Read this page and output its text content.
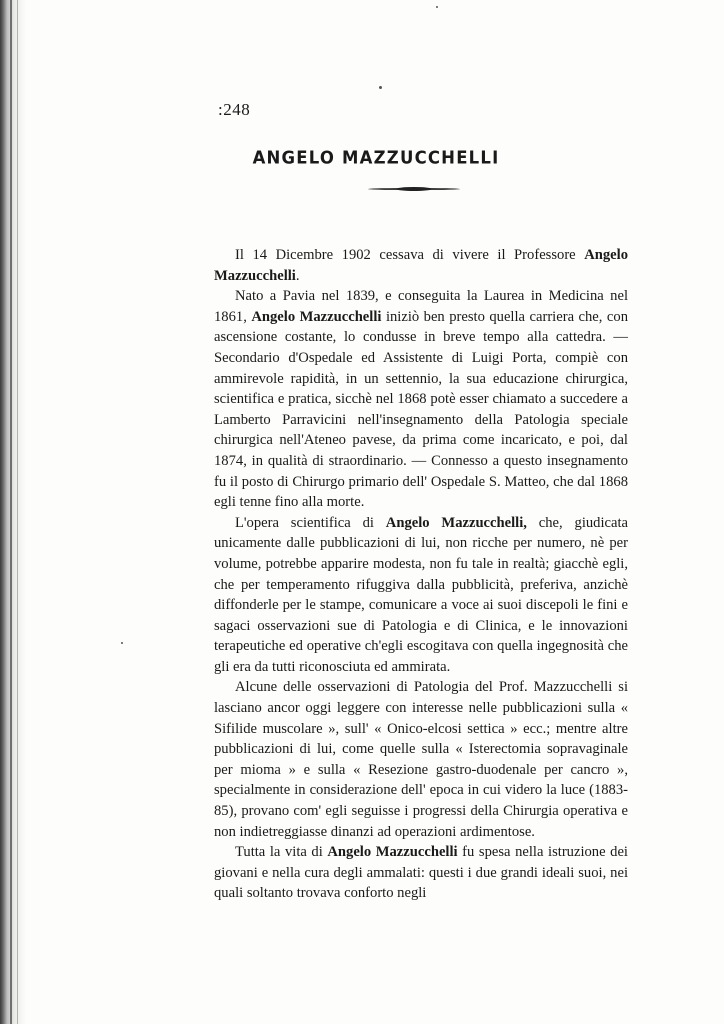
:248
ANGELO MAZZUCCHELLI

Il 14 Dicembre 1902 cessava di vivere il Professore Angelo Mazzucchelli.

Nato a Pavia nel 1839, e conseguita la Laurea in Medicina nel 1861, Angelo Mazzucchelli iniziò ben presto quella carriera che, con ascensione costante, lo condusse in breve tempo alla cattedra. — Secondario d'Ospedale ed Assistente di Luigi Porta, compiè con ammirevole rapidità, in un settennio, la sua educazione chirurgica, scientifica e pratica, sicchè nel 1868 potè esser chiamato a succedere a Lamberto Parravicini nell'insegnamento della Patologia speciale chirurgica nell'Ateneo pavese, da prima come incaricato, e poi, dal 1874, in qualità di straordinario. — Connesso a questo insegnamento fu il posto di Chirurgo primario dell' Ospedale S. Matteo, che dal 1868 egli tenne fino alla morte.

L'opera scientifica di Angelo Mazzucchelli, che, giudicata unicamente dalle pubblicazioni di lui, non ricche per numero, nè per volume, potrebbe apparire modesta, non fu tale in realtà; giacchè egli, che per temperamento rifuggiva dalla pubblicità, preferiva, anzichè diffonderle per le stampe, comunicare a voce ai suoi discepoli le fini e sagaci osservazioni sue di Patologia e di Clinica, e le innovazioni terapeutiche ed operative ch'egli escogitava con quella ingegnosità che gli era da tutti riconosciuta ed ammirata.

Alcune delle osservazioni di Patologia del Prof. Mazzucchelli si lasciano ancor oggi leggere con interesse nelle pubblicazioni sulla « Sifilide muscolare », sull' « Onico-elcosi settica » ecc.; mentre altre pubblicazioni di lui, come quelle sulla « Isterectomia sopravaginale per mioma » e sulla « Resezione gastro-duodenale per cancro », specialmente in considerazione dell' epoca in cui videro la luce (1883-85), provano com' egli seguisse i progressi della Chirurgia operativa e non indietreggiasse dinanzi ad operazioni ardimentose.

Tutta la vita di Angelo Mazzucchelli fu spesa nella istruzione dei giovani e nella cura degli ammalati: questi i due grandi ideali suoi, nei quali soltanto trovava conforto negli
